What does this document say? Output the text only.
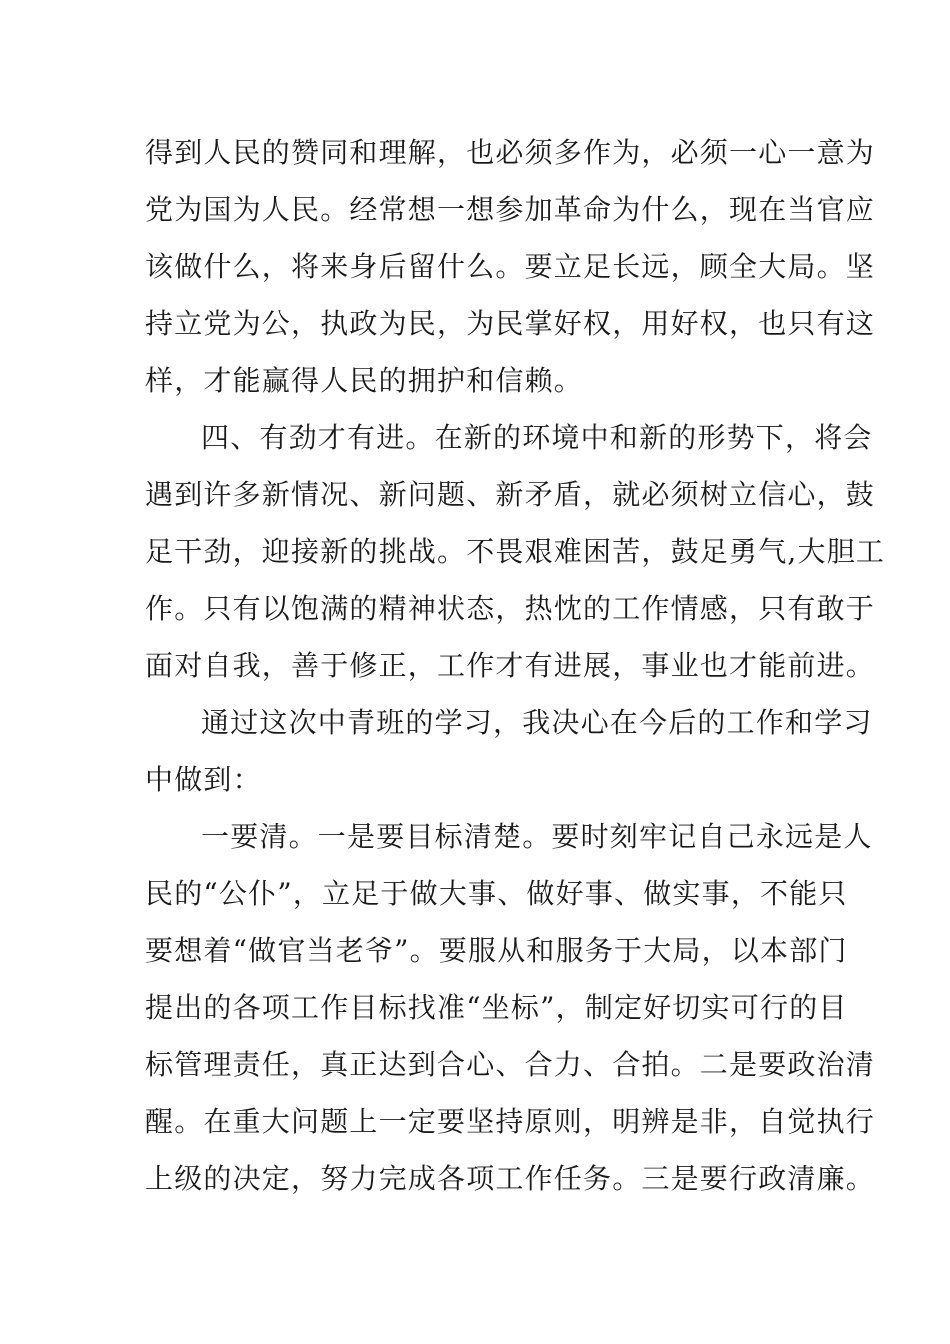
得到人民的赞同和理解，也必须多作为，必须一心一意为
党为国为人民。经常想一想参加革命为什么，现在当官应
该做什么，将来身后留什么。要立足长远，顾全大局。坚
持立党为公，执政为民，为民掌好权，用好权，也只有这
样，才能赢得人民的拥护和信赖。
四、有劲才有进。在新的环境中和新的形势下，将会
遇到许多新情况、新问题、新矛盾，就必须树立信心，鼓
足干劲，迎接新的挑战。不畏艰难困苦，鼓足勇气,大胆工
作。只有以饱满的精神状态，热忱的工作情感，只有敢于
面对自我，善于修正，工作才有进展，事业也才能前进。
通过这次中青班的学习，我决心在今后的工作和学习
中做到：
一要清。一是要目标清楚。要时刻牢记自己永远是人
民的“公仆”，立足于做大事、做好事、做实事，不能只
要想着“做官当老爷”。要服从和服务于大局，以本部门
提出的各项工作目标找准“坐标”，制定好切实可行的目
标管理责任，真正达到合心、合力、合拍。二是要政治清
醒。在重大问题上一定要坚持原则，明辨是非，自觉执行
上级的决定，努力完成各项工作任务。三是要行政清廉。
